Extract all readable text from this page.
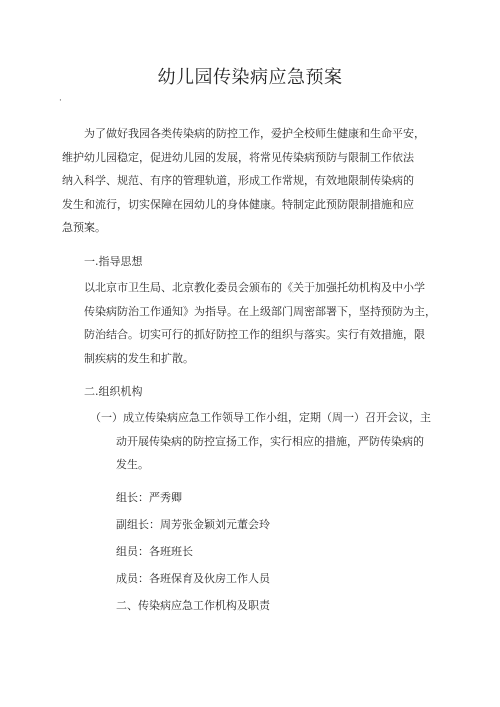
幼儿园传染病应急预案
·
为了做好我园各类传染病的防控工作，爱护全校师生健康和生命平安，
维护幼儿园稳定，促进幼儿园的发展，将常见传染病预防与限制工作依法
纳入科学、规范、有序的管理轨道，形成工作常规，有效地限制传染病的
发生和流行，切实保障在园幼儿的身体健康。特制定此预防限制措施和应
急预案。
一.指导思想
以北京市卫生局、北京教化委员会颁布的《关于加强托幼机构及中小学
传染病防治工作通知》为指导。在上级部门周密部署下，坚持预防为主，
防治结合。切实可行的抓好防控工作的组织与落实。实行有效措施，限
制疾病的发生和扩散。
二.组织机构
（一）成立传染病应急工作领导工作小组，定期（周一）召开会议，主
动开展传染病的防控宣扬工作，实行相应的措施，严防传染病的
发生。
组长：严秀卿
副组长：周芳张金颖刘元董会玲
组员：各班班长
成员：各班保育及伙房工作人员
二、传染病应急工作机构及职责
